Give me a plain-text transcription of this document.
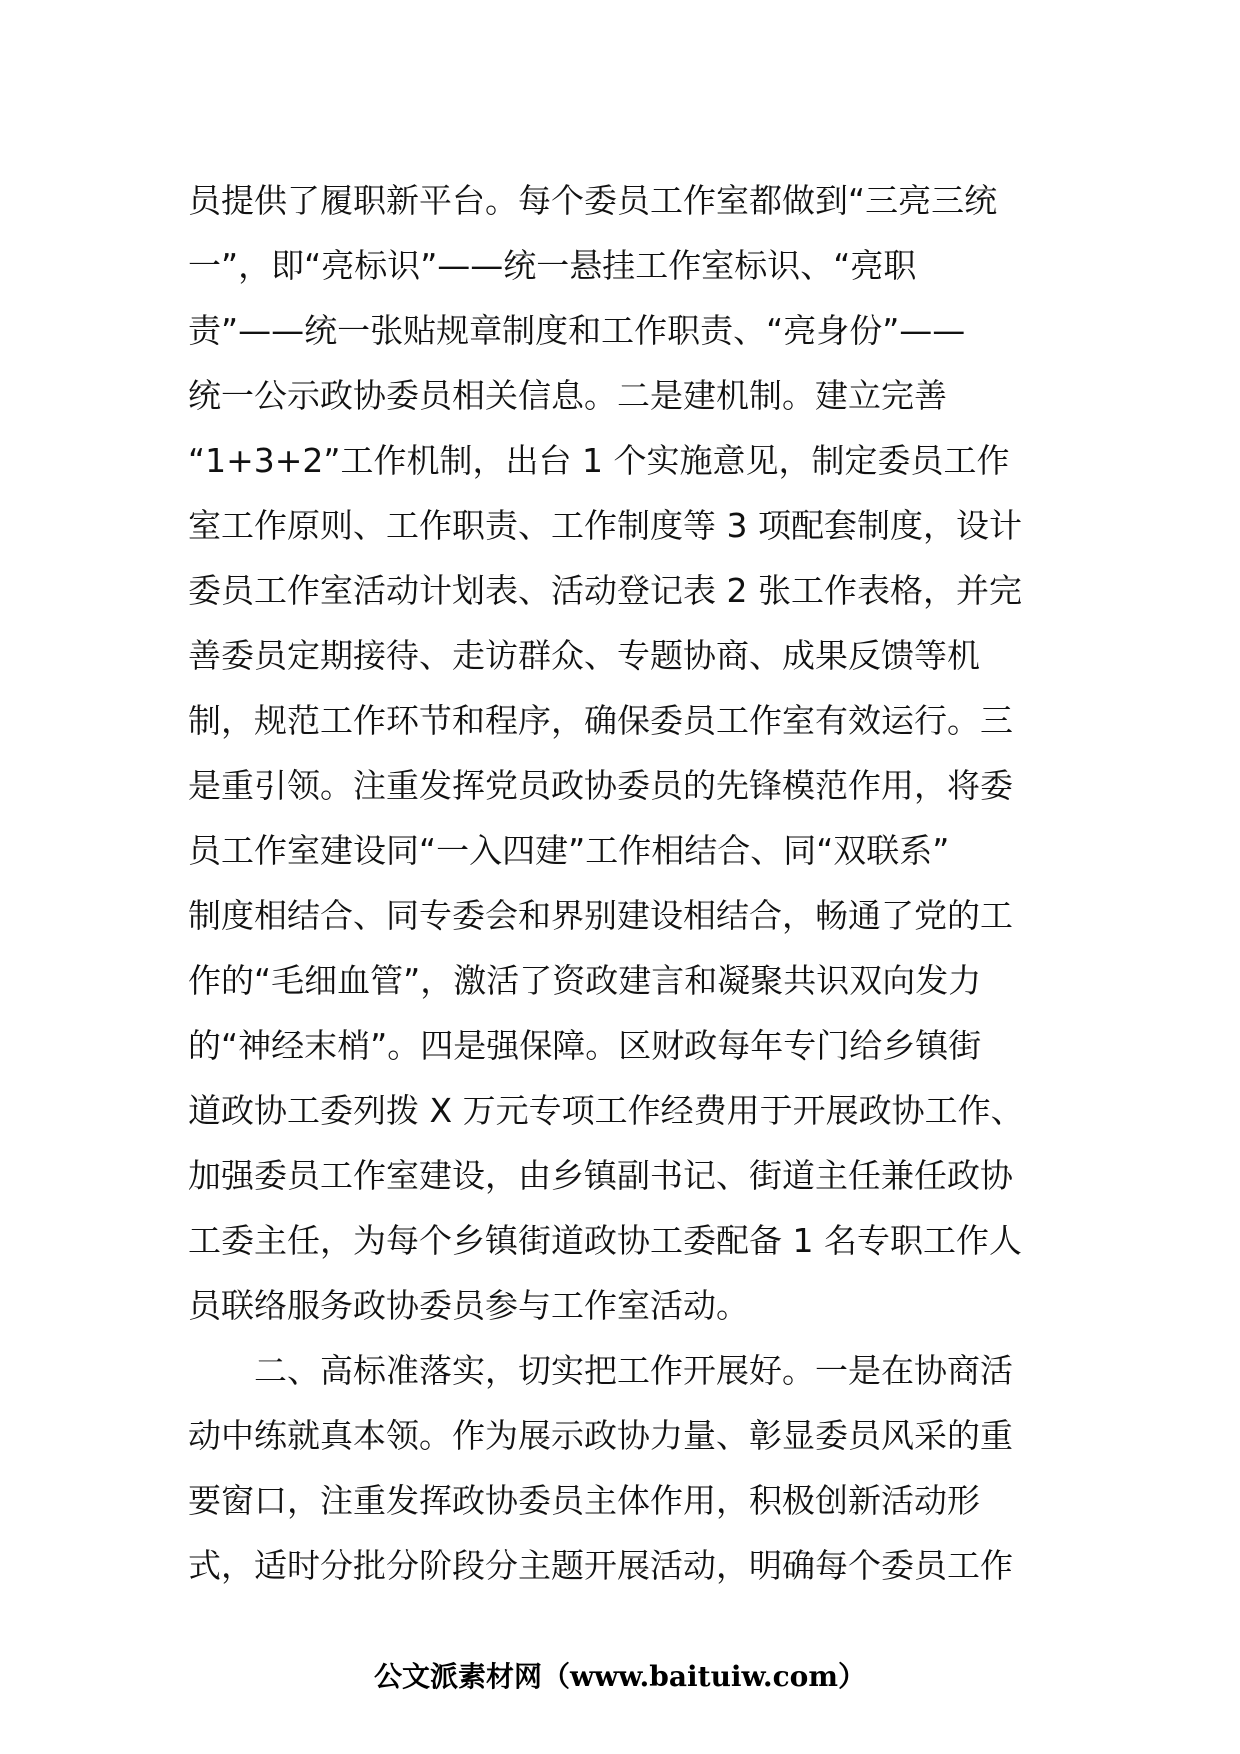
员提供了履职新平台。每个委员工作室都做到“三亮三统
一”，即“亮标识”——统一悬挂工作室标识、“亮职
责”——统一张贴规章制度和工作职责、“亮身份”——
统一公示政协委员相关信息。二是建机制。建立完善
“1+3+2”工作机制，出台 1 个实施意见，制定委员工作
室工作原则、工作职责、工作制度等 3 项配套制度，设计
委员工作室活动计划表、活动登记表 2 张工作表格，并完
善委员定期接待、走访群众、专题协商、成果反馈等机
制，规范工作环节和程序，确保委员工作室有效运行。三
是重引领。注重发挥党员政协委员的先锋模范作用，将委
员工作室建设同“一入四建”工作相结合、同“双联系”
制度相结合、同专委会和界别建设相结合，畅通了党的工
作的“毛细血管”，激活了资政建言和凝聚共识双向发力
的“神经末梢”。四是强保障。区财政每年专门给乡镇街
道政协工委列拨 X 万元专项工作经费用于开展政协工作、
加强委员工作室建设，由乡镇副书记、街道主任兼任政协
工委主任，为每个乡镇街道政协工委配备 1 名专职工作人
员联络服务政协委员参与工作室活动。
　　二、高标准落实，切实把工作开展好。一是在协商活
动中练就真本领。作为展示政协力量、彰显委员风采的重
要窗口，注重发挥政协委员主体作用，积极创新活动形
式，适时分批分阶段分主题开展活动，明确每个委员工作
公文派素材网（www.baituiw.com）
